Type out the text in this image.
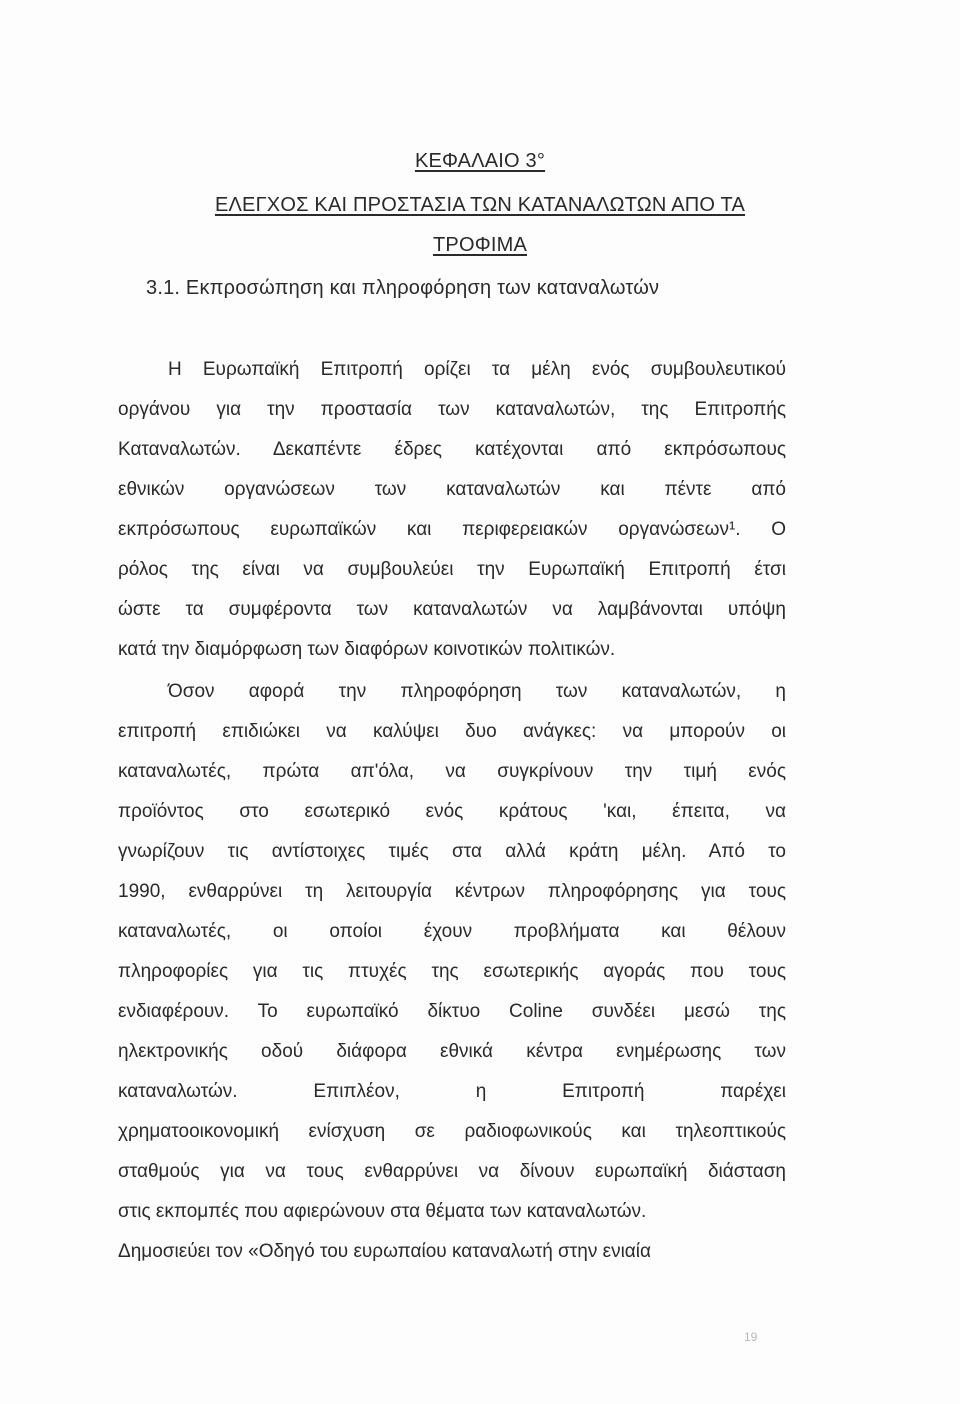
ΚΕΦΑΛΑΙΟ 3°
ΕΛΕΓΧΟΣ ΚΑΙ ΠΡΟΣΤΑΣΙΑ ΤΩΝ ΚΑΤΑΝΑΛΩΤΩΝ ΑΠΟ ΤΑ
ΤΡΟΦΙΜΑ
3.1. Εκπροσώπηση και πληροφόρηση των καταναλωτών
Η Ευρωπαϊκή Επιτροπή ορίζει τα μέλη ενός συμβουλευτικού
οργάνου για την προστασία των καταναλωτών, της Επιτροπής
Καταναλωτών. Δεκαπέντε έδρες κατέχονται από εκπρόσωπους
εθνικών οργανώσεων των καταναλωτών και πέντε από
εκπρόσωπους ευρωπαϊκών και περιφερειακών οργανώσεων¹. Ο
ρόλος της είναι να συμβουλεύει την Ευρωπαϊκή Επιτροπή έτσι
ώστε τα συμφέροντα των καταναλωτών να λαμβάνονται υπόψη
κατά την διαμόρφωση των διαφόρων κοινοτικών πολιτικών.
Όσον αφορά την πληροφόρηση των καταναλωτών, η
επιτροπή επιδιώκει να καλύψει δυο ανάγκες: να μπορούν οι
καταναλωτές, πρώτα απ'όλα, να συγκρίνουν την τιμή ενός
προϊόντος στο εσωτερικό ενός κράτους 'και, έπειτα, να
γνωρίζουν τις αντίστοιχες τιμές στα αλλά κράτη μέλη. Από το
1990, ενθαρρύνει τη λειτουργία κέντρων πληροφόρησης για τους
καταναλωτές, οι οποίοι έχουν προβλήματα και θέλουν
πληροφορίες για τις πτυχές της εσωτερικής αγοράς που τους
ενδιαφέρουν. Το ευρωπαϊκό δίκτυο Coline συνδέει μεσώ της
ηλεκτρονικής οδού διάφορα εθνικά κέντρα ενημέρωσης των
καταναλωτών. Επιπλέον, η Επιτροπή παρέχει
χρηματοοικονομική ενίσχυση σε ραδιοφωνικούς και τηλεοπτικούς
σταθμούς για να τους ενθαρρύνει να δίνουν ευρωπαϊκή διάσταση
στις εκπομπές που αφιερώνουν στα θέματα των καταναλωτών.
Δημοσιεύει τον «Οδηγό του ευρωπαίου καταναλωτή στην ενιαία
19
